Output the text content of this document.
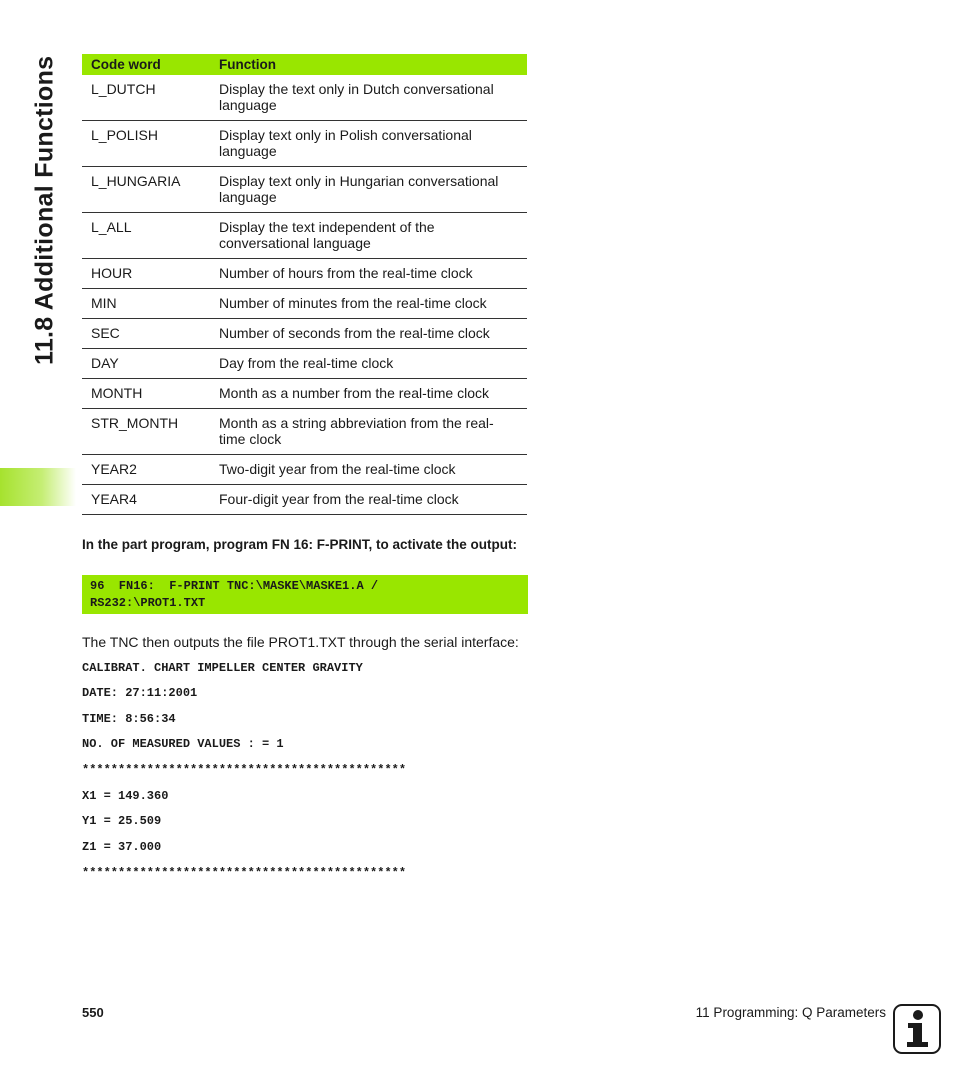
11.8 Additional Functions Code word	Function
L_DUTCH	Display the text only in Dutch conversational language
L_POLISH	Display text only in Polish conversational language
L_HUNGARIA	Display text only in Hungarian conversational language
L_ALL	Display the text independent of the conversational language
HOUR	Number of hours from the real-time clock
MIN	Number of minutes from the real-time clock
SEC	Number of seconds from the real-time clock
DAY	Day from the real-time clock
MONTH	Month as a number from the real-time clock
STR_MONTH	Month as a string abbreviation from the real-time clock
YEAR2	Two-digit year from the real-time clock
YEAR4	Four-digit year from the real-time clock
In the part program, program FN 16: F-PRINT, to activate the output:
96  FN16:  F-PRINT TNC:\MASKE\MASKE1.A /
RS232:\PROT1.TXT
The TNC then outputs the file PROT1.TXT through the serial interface:
CALIBRAT. CHART IMPELLER CENTER GRAVITY
DATE: 27:11:2001
TIME: 8:56:34
NO. OF MEASURED VALUES : = 1
*********************************************
X1 = 149.360
Y1 = 25.509
Z1 = 37.000
*********************************************
550	11 Programming: Q Parameters
